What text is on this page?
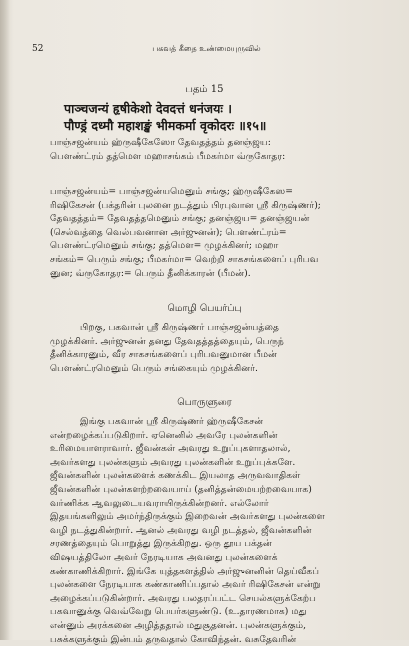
52	பகவத் கீதை உண்மையுருவில்
பதம் 15
पाञ्चजन्यं हृषीकेशो देवदत्तं धनंजयः ।
पौण्ड्रं दध्मौ महाशङ्खं भीमकर्मा वृकोदरः ॥१५॥
பாஞ்சஜன்யம் ஹ்ருஷீகேஸோ தேவதத்தம் தனஞ்ஜய:
பௌண்ட்ரம் தத்மௌ மஹாசங்கம் பீமகர்மா வ்ருகோதர:
பாஞ்சஜன்யம்= பாஞ்சஜன்யமெனும் சங்கு; ஹ்ருஷீகேஸ=
ரிஷிகேசன் (பக்தரின் புலனை நடத்தும் பிரபுவான ஸ்ரீ கிருஷ்ணர்);
தேவதத்தம்= தேவதத்தமெனும் சங்கு; தனஞ்ஜய= தனஞ்ஜயன்
(செல்வத்தை வெல்பவனான அர்ஜுனன்); பௌண்ட்ரம்=
பௌண்ட்ரமெனும் சங்கு; தத்மௌ= முழக்கினர்; மஹா
சங்கம்= பெரும் சங்கு; பீமகர்மா= வெற்றி சாகசங்களைப் புரிபவ
னுன; வ்ருகோதர:= பெரும் தீனிக்காரன் (பீமன்).
மொழி பெயர்ப்பு
பிறகு, பகவான் ஸ்ரீ கிருஷ்ணர் பாஞ்சஜன்யத்தை
முழக்கினர். அர்ஜுனன் தனது தேவதத்தத்தையும், பெருந்
தீனிக்காரனும், வீர சாகசங்களைப் புரிபவனுமான பீமன்
பௌண்ட்ரமெனும் பெரும் சங்கையும் முழக்கினர்.
பொருளுரை
இங்கு பகவான் ஸ்ரீ கிருஷ்ணர் ஹ்ருஷீகேசன்
என்றழைக்கப்படுகிறார். ஏனெனில் அவரே புலன்களின்
உரிமையாளராவார். ஜீவன்கள் அவரது உறுப்புகளாதலால்,
அவர்களது புலன்களும் அவரது புலன்களின் உறுப்புக்களே.
ஜீவன்களின் புலன்களைக் கணக்கிட இயலாத அருவவாதிகள்
ஜீவன்களின் புலன்களற்றவையாய் (தனித்தன்மையற்றவையாக)
வர்ணிக்க ஆவலுடையவராயிருக்கின்றனர். எல்லோர்
இதயங்களிலும் அமர்ந்திருக்கும் இறைவன் அவர்களது புலன்களை
வழி நடத்துகின்றார். ஆனல் அவரது வழி நடத்தல், ஜீவன்களின்
சரணத்தையும் பொறுத்து இருக்கிறது. ஒரு தூய பக்தன்
விஷயத்திலோ அவர் நேரடியாக அவனது புலன்களைக்
கண்காணிக்கிறார். இங்கே யுத்தகளத்தில் அர்ஜுனனின் தெய்வீகப்
புலன்களை நேரடியாக கண்காணிப்பதால் அவர் ரிஷிகேசன் என்று
அழைக்கப்படுகின்றார். அவரது பலதரப்பட்ட செயல்களுக்கேற்ப
பகவானுக்கு வெவ்வேறு பெயர்களுண்டு. (உ.தாரணமாக) மது
என்னும் அரக்கனை அழித்ததால் மதுசூதனன். புலன்களுக்கும்,
பசுக்களுக்கும் இன்பம் தருவதால் கோவிந்தன். வசுதேவரின்
